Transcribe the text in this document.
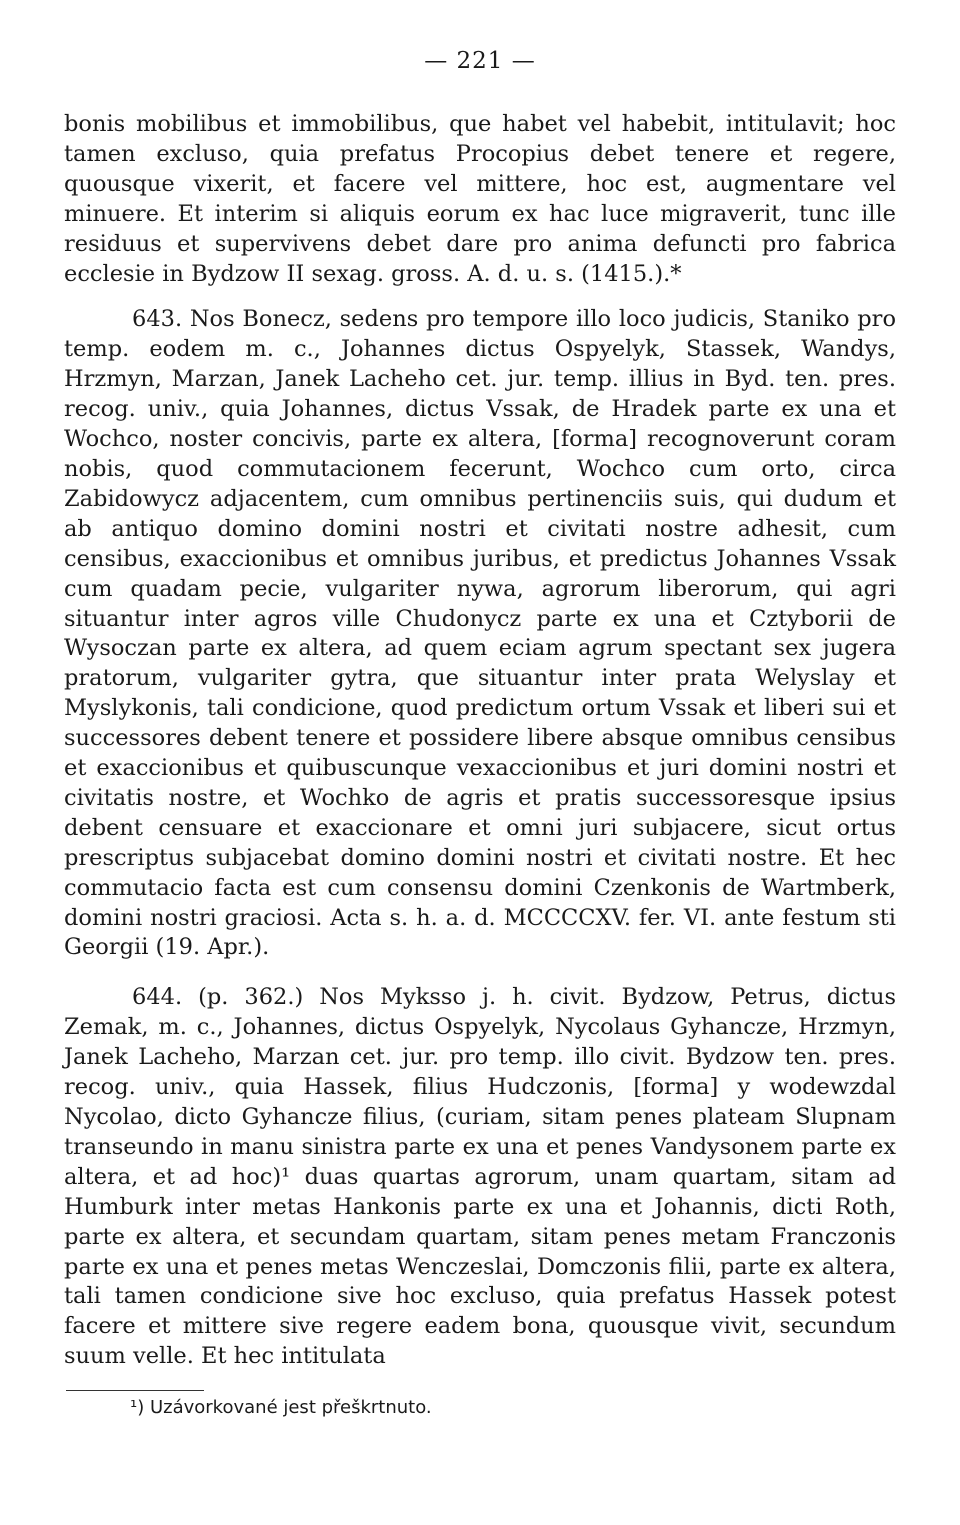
— 221 —

bonis mobilibus et immobilibus, que habet vel habebit, intitulavit; hoc tamen excluso, quia prefatus Procopius debet tenere et regere, quousque vixerit, et facere vel mittere, hoc est, augmentare vel minuere. Et interim si aliquis eorum ex hac luce migraverit, tunc ille residuus et supervivens debet dare pro anima defuncti pro fabrica ecclesie in Bydzow II sexag. gross. A. d. u. s. (1415.).*

643. Nos Bonecz, sedens pro tempore illo loco judicis, Staniko pro temp. eodem m. c., Johannes dictus Ospyelyk, Stassek, Wandys, Hrzmyn, Marzan, Janek Lacheho cet. jur. temp. illius in Byd. ten. pres. recog. univ., quia Johannes, dictus Vssak, de Hradek parte ex una et Wochco, noster concivis, parte ex altera, [forma] recognoverunt coram nobis, quod commutacionem fecerunt, Wochco cum orto, circa Zabidowycz adjacentem, cum omnibus pertinenciis suis, qui dudum et ab antiquo domino domini nostri et civitati nostre adhesit, cum censibus, exaccionibus et omnibus juribus, et predictus Johannes Vssak cum quadam pecie, vulgariter nywa, agrorum liberorum, qui agri situantur inter agros ville Chudonycz parte ex una et Cztyborii de Wysoczan parte ex altera, ad quem eciam agrum spectant sex jugera pratorum, vulgariter gytra, que situantur inter prata Welyslay et Myslykonis, tali condicione, quod predictum ortum Vssak et liberi sui et successores debent tenere et possidere libere absque omnibus censibus et exaccionibus et quibuscunque vexaccionibus et juri domini nostri et civitatis nostre, et Wochko de agris et pratis successoresque ipsius debent censuare et exaccionare et omni juri subjacere, sicut ortus prescriptus subjacebat domino domini nostri et civitati nostre. Et hec commutacio facta est cum consensu domini Czenkonis de Wartmberk, domini nostri graciosi. Acta s. h. a. d. MCCCCXV. fer. VI. ante festum sti Georgii (19. Apr.).

644. (p. 362.) Nos Myksso j. h. civit. Bydzow, Petrus, dictus Zemak, m. c., Johannes, dictus Ospyelyk, Nycolaus Gyhancze, Hrzmyn, Janek Lacheho, Marzan cet. jur. pro temp. illo civit. Bydzow ten. pres. recog. univ., quia Hassek, filius Hudczonis, [forma] y wodewzdal Nycolao, dicto Gyhancze filius, (curiam, sitam penes plateam Slupnam transeundo in manu sinistra parte ex una et penes Vandysonem parte ex altera, et ad hoc)¹ duas quartas agrorum, unam quartam, sitam ad Humburk inter metas Hankonis parte ex una et Johannis, dicti Roth, parte ex altera, et secundam quartam, sitam penes metam Franczonis parte ex una et penes metas Wenczeslai, Domczonis filii, parte ex altera, tali tamen condicione sive hoc excluso, quia prefatus Hassek potest facere et mittere sive regere eadem bona, quousque vivit, secundum suum velle. Et hec intitulata

¹) Uzávorkované jest přeškrtnuto.
